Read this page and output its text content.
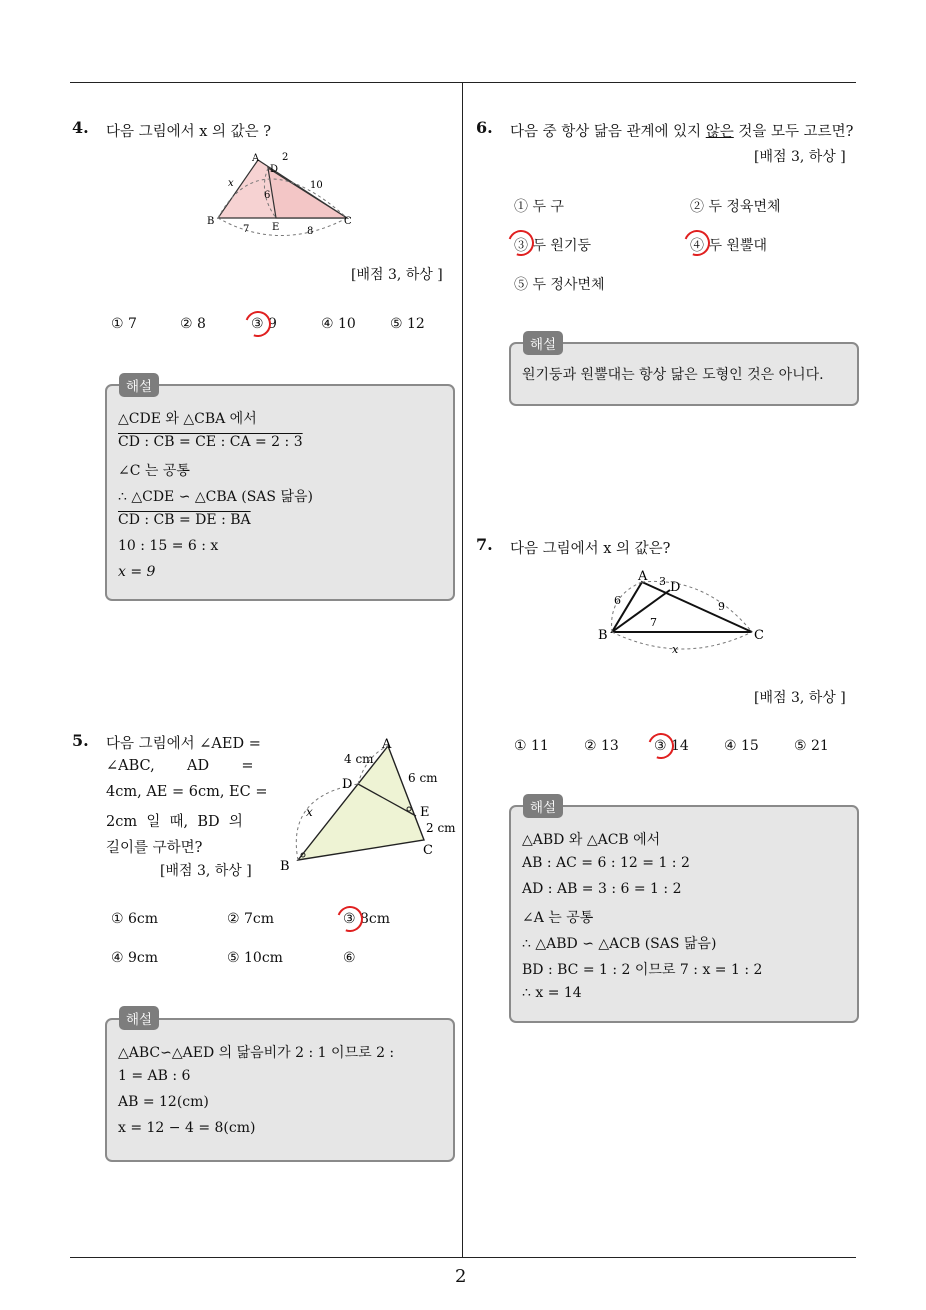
2
4. 다음 그림에서 x 의 값은 ?
A
D
2
B
E
C
x
6
10
7	8
[배점 3, 하상 ]
① 7	② 8	③ 9	④ 10 ⑤ 12
해설
△CDE 와 △CBA 에서
CD : CB = CE : CA = 2 : 3
∠C 는 공통
∴ △CDE ∽ △CBA (SAS 닮음)
CD : CB = DE : BA
10 : 15 = 6 : x
x = 9
5. 다음 그림에서 ∠AED =
∠ABC,       AD       =
4cm, AE = 6cm, EC =
2cm  일  때,  BD  의
길이를 구하면?
[배점 3, 하상 ]
A
D
E
B
C
4 cm
6 cm
2 cm
x
① 6cm	② 7cm	③ 8cm
④ 9cm	⑤ 10cm	⑥
해설
△ABC∽△AED 의 닮음비가 2 : 1 이므로 2 :
1 = AB : 6
AB = 12(cm)
x = 12 − 4 = 8(cm)
6. 다음 중 항상 닮음 관계에 있지 않은 것을 모두 고르면?
[배점 3, 하상 ]
① 두 구	② 두 정육면체
③ 두 원기둥	④ 두 원뿔대
⑤ 두 정사면체
해설
원기둥과 원뿔대는 항상 닮은 도형인 것은 아니다.
7. 다음 그림에서 x 의 값은?
A
D
B	C
3
6
7
9
x
[배점 3, 하상 ]
① 11	② 13	③ 14	④ 15	⑤ 21
해설
△ABD 와 △ACB 에서
AB : AC = 6 : 12 = 1 : 2
AD : AB = 3 : 6 = 1 : 2
∠A 는 공통
∴ △ABD ∽ △ACB (SAS 닮음)
BD : BC = 1 : 2 이므로 7 : x = 1 : 2
∴ x = 14
